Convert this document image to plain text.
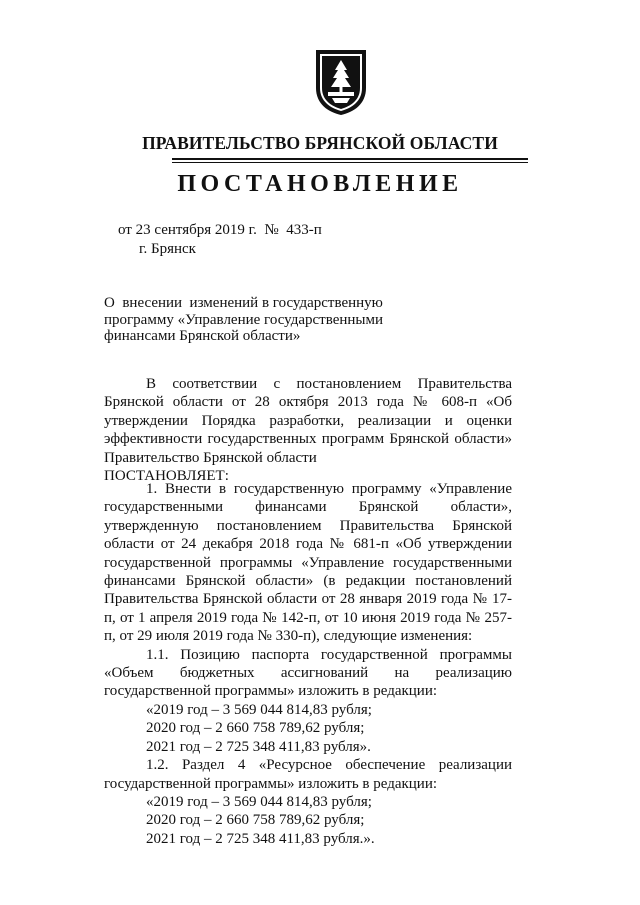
ПРАВИТЕЛЬСТВО БРЯНСКОЙ ОБЛАСТИ
ПОСТАНОВЛЕНИЕ
от 23 сентября 2019 г.  №  433-п
г. Брянск
О  внесении  изменений в государственную
программу «Управление государственными
финансами Брянской области»
В соответствии с постановлением Правительства Брянской области от 28 октября 2013 года № 608-п «Об утверждении Порядка разработки, реализации и оценки эффективности государственных программ Брянской области» Правительство Брянской области
ПОСТАНОВЛЯЕТ:
1. Внести в государственную программу «Управление государственными финансами Брянской области», утвержденную постановлением Правительства Брянской области от 24 декабря 2018 года № 681-п «Об утверждении государственной программы «Управление государственными финансами Брянской области» (в редакции постановлений Правительства Брянской области от 28 января 2019 года № 17-п, от 1 апреля 2019 года № 142-п, от 10 июня 2019 года № 257-п, от 29 июля 2019 года № 330-п), следующие изменения:
1.1. Позицию паспорта государственной программы «Объем бюджетных ассигнований на реализацию государственной программы» изложить в редакции:
«2019 год – 3 569 044 814,83 рубля;
2020 год – 2 660 758 789,62 рубля;
2021 год – 2 725 348 411,83 рубля».
1.2. Раздел 4 «Ресурсное обеспечение реализации государственной программы» изложить в редакции:
«2019 год – 3 569 044 814,83 рубля;
2020 год – 2 660 758 789,62 рубля;
2021 год – 2 725 348 411,83 рубля.».
